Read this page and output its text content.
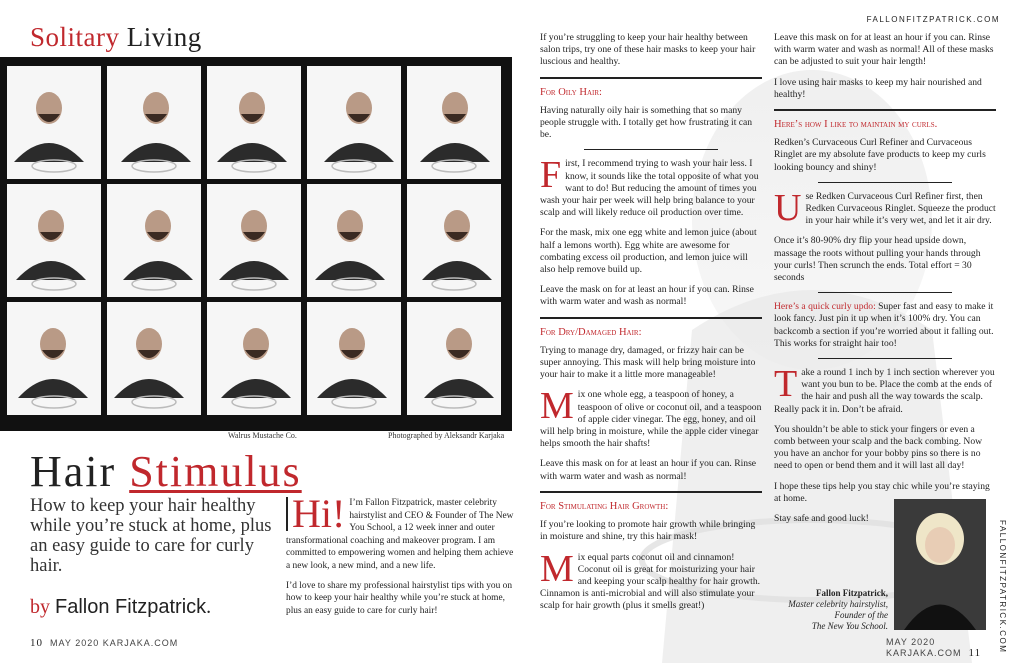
Solitary Living
Walrus Mustache Co.	Photographed by Aleksandr Karjaka
Hair Stimulus
How to keep your hair healthy while you’re stuck at home, plus an easy guide to care for curly hair.
by Fallon Fitzpatrick.
Hi! I’m Fallon Fitzpatrick, master celebrity hairstylist and CEO & Founder of The New You School, a 12 week inner and outer transformational coaching and makeover program. I am committed to empowering women and helping them achieve a new look, a new mind, and a new life.

I’d love to share my professional hairstylist tips with you on how to keep your hair healthy while you’re stuck at home, plus an easy guide to care for curly hair!

10 MAY 2020 KARJAKA.COM
FALLONFITZPATRICK.COM

If you’re struggling to keep your hair healthy between salon trips, try one of these hair masks to keep your hair luscious and healthy.

For Oily Hair:

Having naturally oily hair is something that so many people struggle with. I totally get how frustrating it can be.

First, I recommend trying to wash your hair less. I know, it sounds like the total opposite of what you want to do! But reducing the amount of times you wash your hair per week will help bring balance to your scalp and will likely reduce oil production over time.

For the mask, mix one egg white and lemon juice (about half a lemons worth). Egg white are awesome for combating excess oil production, and lemon juice will also help remove build up.

Leave the mask on for at least an hour if you can. Rinse with warm water and wash as normal!

For Dry/Damaged Hair:

Trying to manage dry, damaged, or frizzy hair can be super annoying. This mask will help bring moisture into your hair to make it a little more manageable!

Mix one whole egg, a teaspoon of honey, a teaspoon of olive or coconut oil, and a teaspoon of apple cider vinegar. The egg, honey, and oil will help bring in moisture, while the apple cider vinegar helps smooth the hair shafts!

Leave this mask on for at least an hour if you can. Rinse with warm water and wash as normal!

For Stimulating Hair Growth:

If you’re looking to promote hair growth while bringing in moisture and shine, try this hair mask!

Mix equal parts coconut oil and cinnamon! Coconut oil is great for moisturizing your hair and keeping your scalp healthy for hair growth. Cinnamon is anti-microbial and will also stimulate your scalp for hair growth (plus it smells great!)

Leave this mask on for at least an hour if you can. Rinse with warm water and wash as normal! All of these masks can be adjusted to suit your hair length!

I love using hair masks to keep my hair nourished and healthy!

Here’s how I like to maintain my curls.

Redken’s Curvaceous Curl Refiner and Curvaceous Ringlet are my absolute fave products to keep my curls looking bouncy and shiny!

Use Redken Curvaceous Curl Refiner first, then Redken Curvaceous Ringlet. Squeeze the product in your hair while it’s very wet, and let it air dry.

Once it’s 80-90% dry flip your head upside down, massage the roots without pulling your hands through your curls! Then scrunch the ends. Total effort = 30 seconds

Here’s a quick curly updo: Super fast and easy to make it look fancy. Just pin it up when it’s 100% dry. You can backcomb a section if you’re worried about it falling out. This works for straight hair too!

Take a round 1 inch by 1 inch section wherever you want you bun to be. Place the comb at the ends of the hair and push all the way towards the scalp. Really pack it in. Don’t be afraid.

You shouldn’t be able to stick your fingers or even a comb between your scalp and the back combing. Now you have an anchor for your bobby pins so there is no need to open or bend them and it will last all day!

I hope these tips help you stay chic while you’re staying at home.

Stay safe and good luck!

Fallon Fitzpatrick,
Master celebrity hairstylist,
Founder of the
The New You School.	FALLONFITZPATRICK.COM
MAY 2020 KARJAKA.COM 11
